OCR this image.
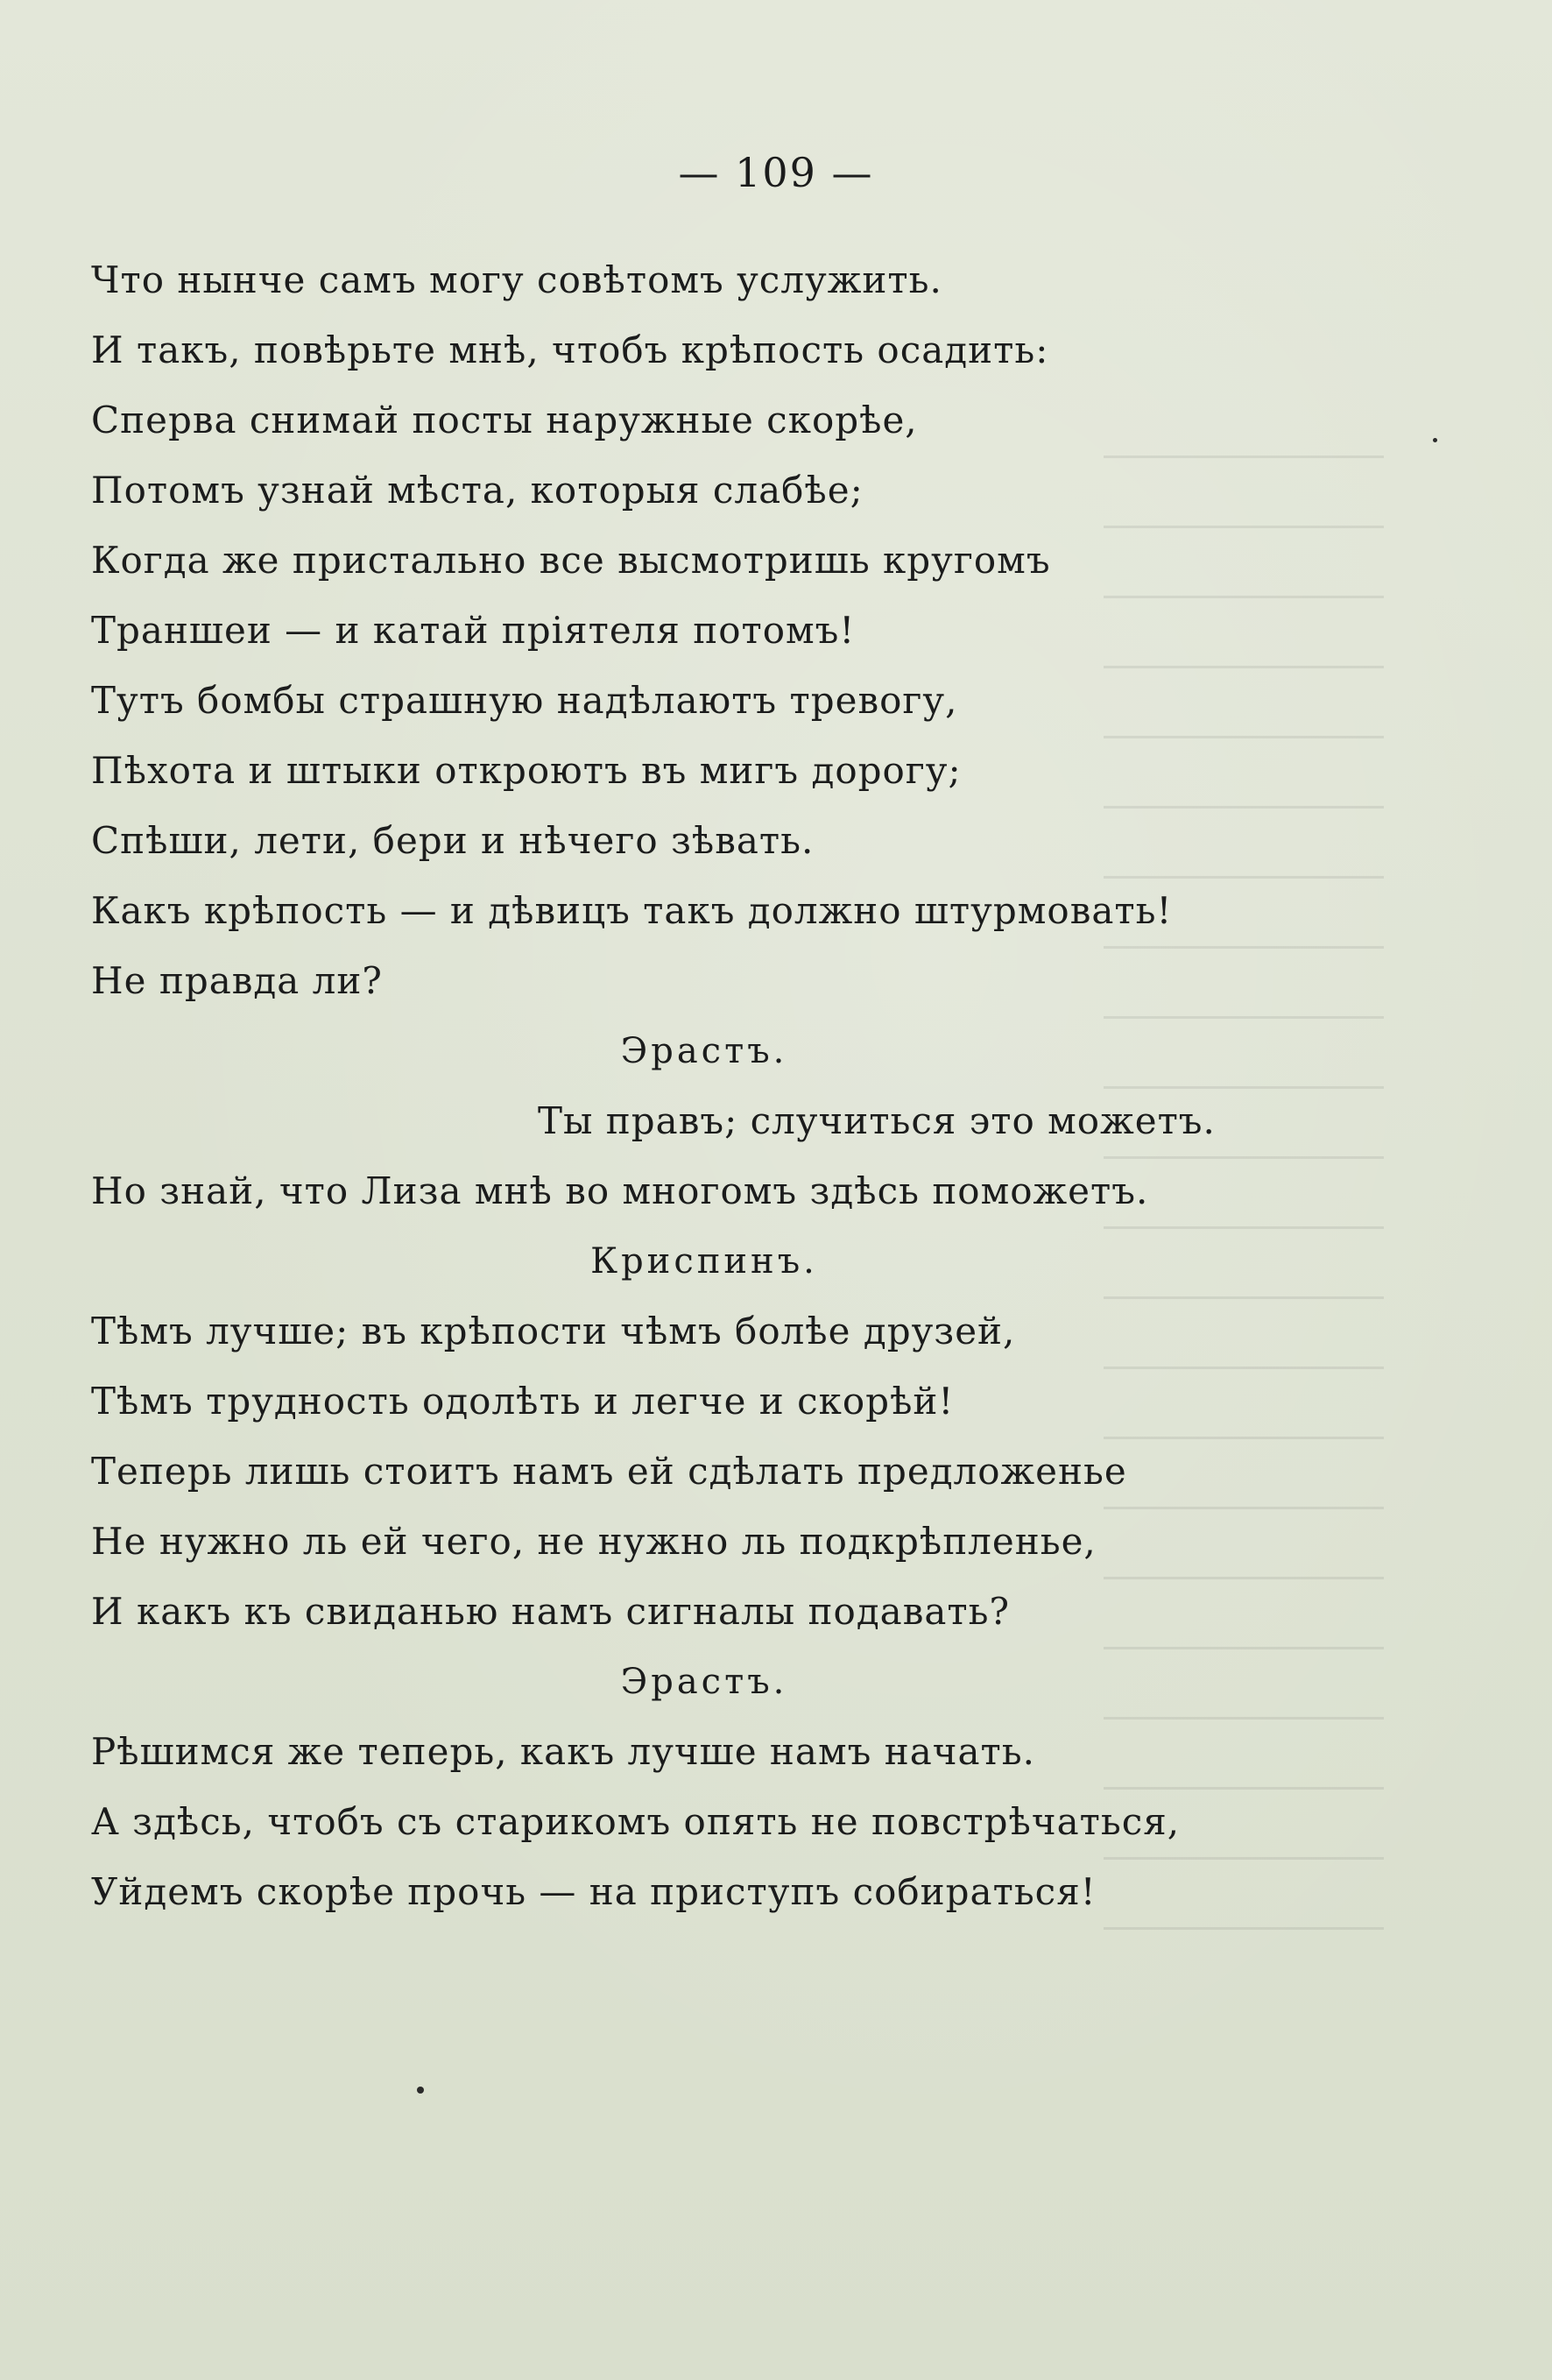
— 109 —
Что нынче самъ могу совѣтомъ услужить.
И такъ, повѣрьте мнѣ, чтобъ крѣпость осадить:
Сперва снимай посты наружные скорѣе,
Потомъ узнай мѣста, которыя слабѣе;
Когда же пристально все высмотришь кругомъ
Траншеи — и катай пріятеля потомъ!
Тутъ бомбы страшную надѣлаютъ тревогу,
Пѣхота и штыки откроютъ въ мигъ дорогу;
Спѣши, лети, бери и нѣчего зѣвать.
Какъ крѣпость — и дѣвицъ такъ должно штурмовать!
Не правда ли?
Эрастъ.
Ты правъ; случиться это можетъ.
Но знай, что Лиза мнѣ во многомъ здѣсь поможетъ.
Криспинъ.
Тѣмъ лучше; въ крѣпости чѣмъ болѣе друзей,
Тѣмъ трудность одолѣть и легче и скорѣй!
Теперь лишь стоитъ намъ ей сдѣлать предложенье
Не нужно ль ей чего, не нужно ль подкрѣпленье,
И какъ къ свиданью намъ сигналы подавать?
Эрастъ.
Рѣшимся же теперь, какъ лучше намъ начать.
А здѣсь, чтобъ съ старикомъ опять не повстрѣчаться,
Уйдемъ скорѣе прочь — на приступъ собираться!
